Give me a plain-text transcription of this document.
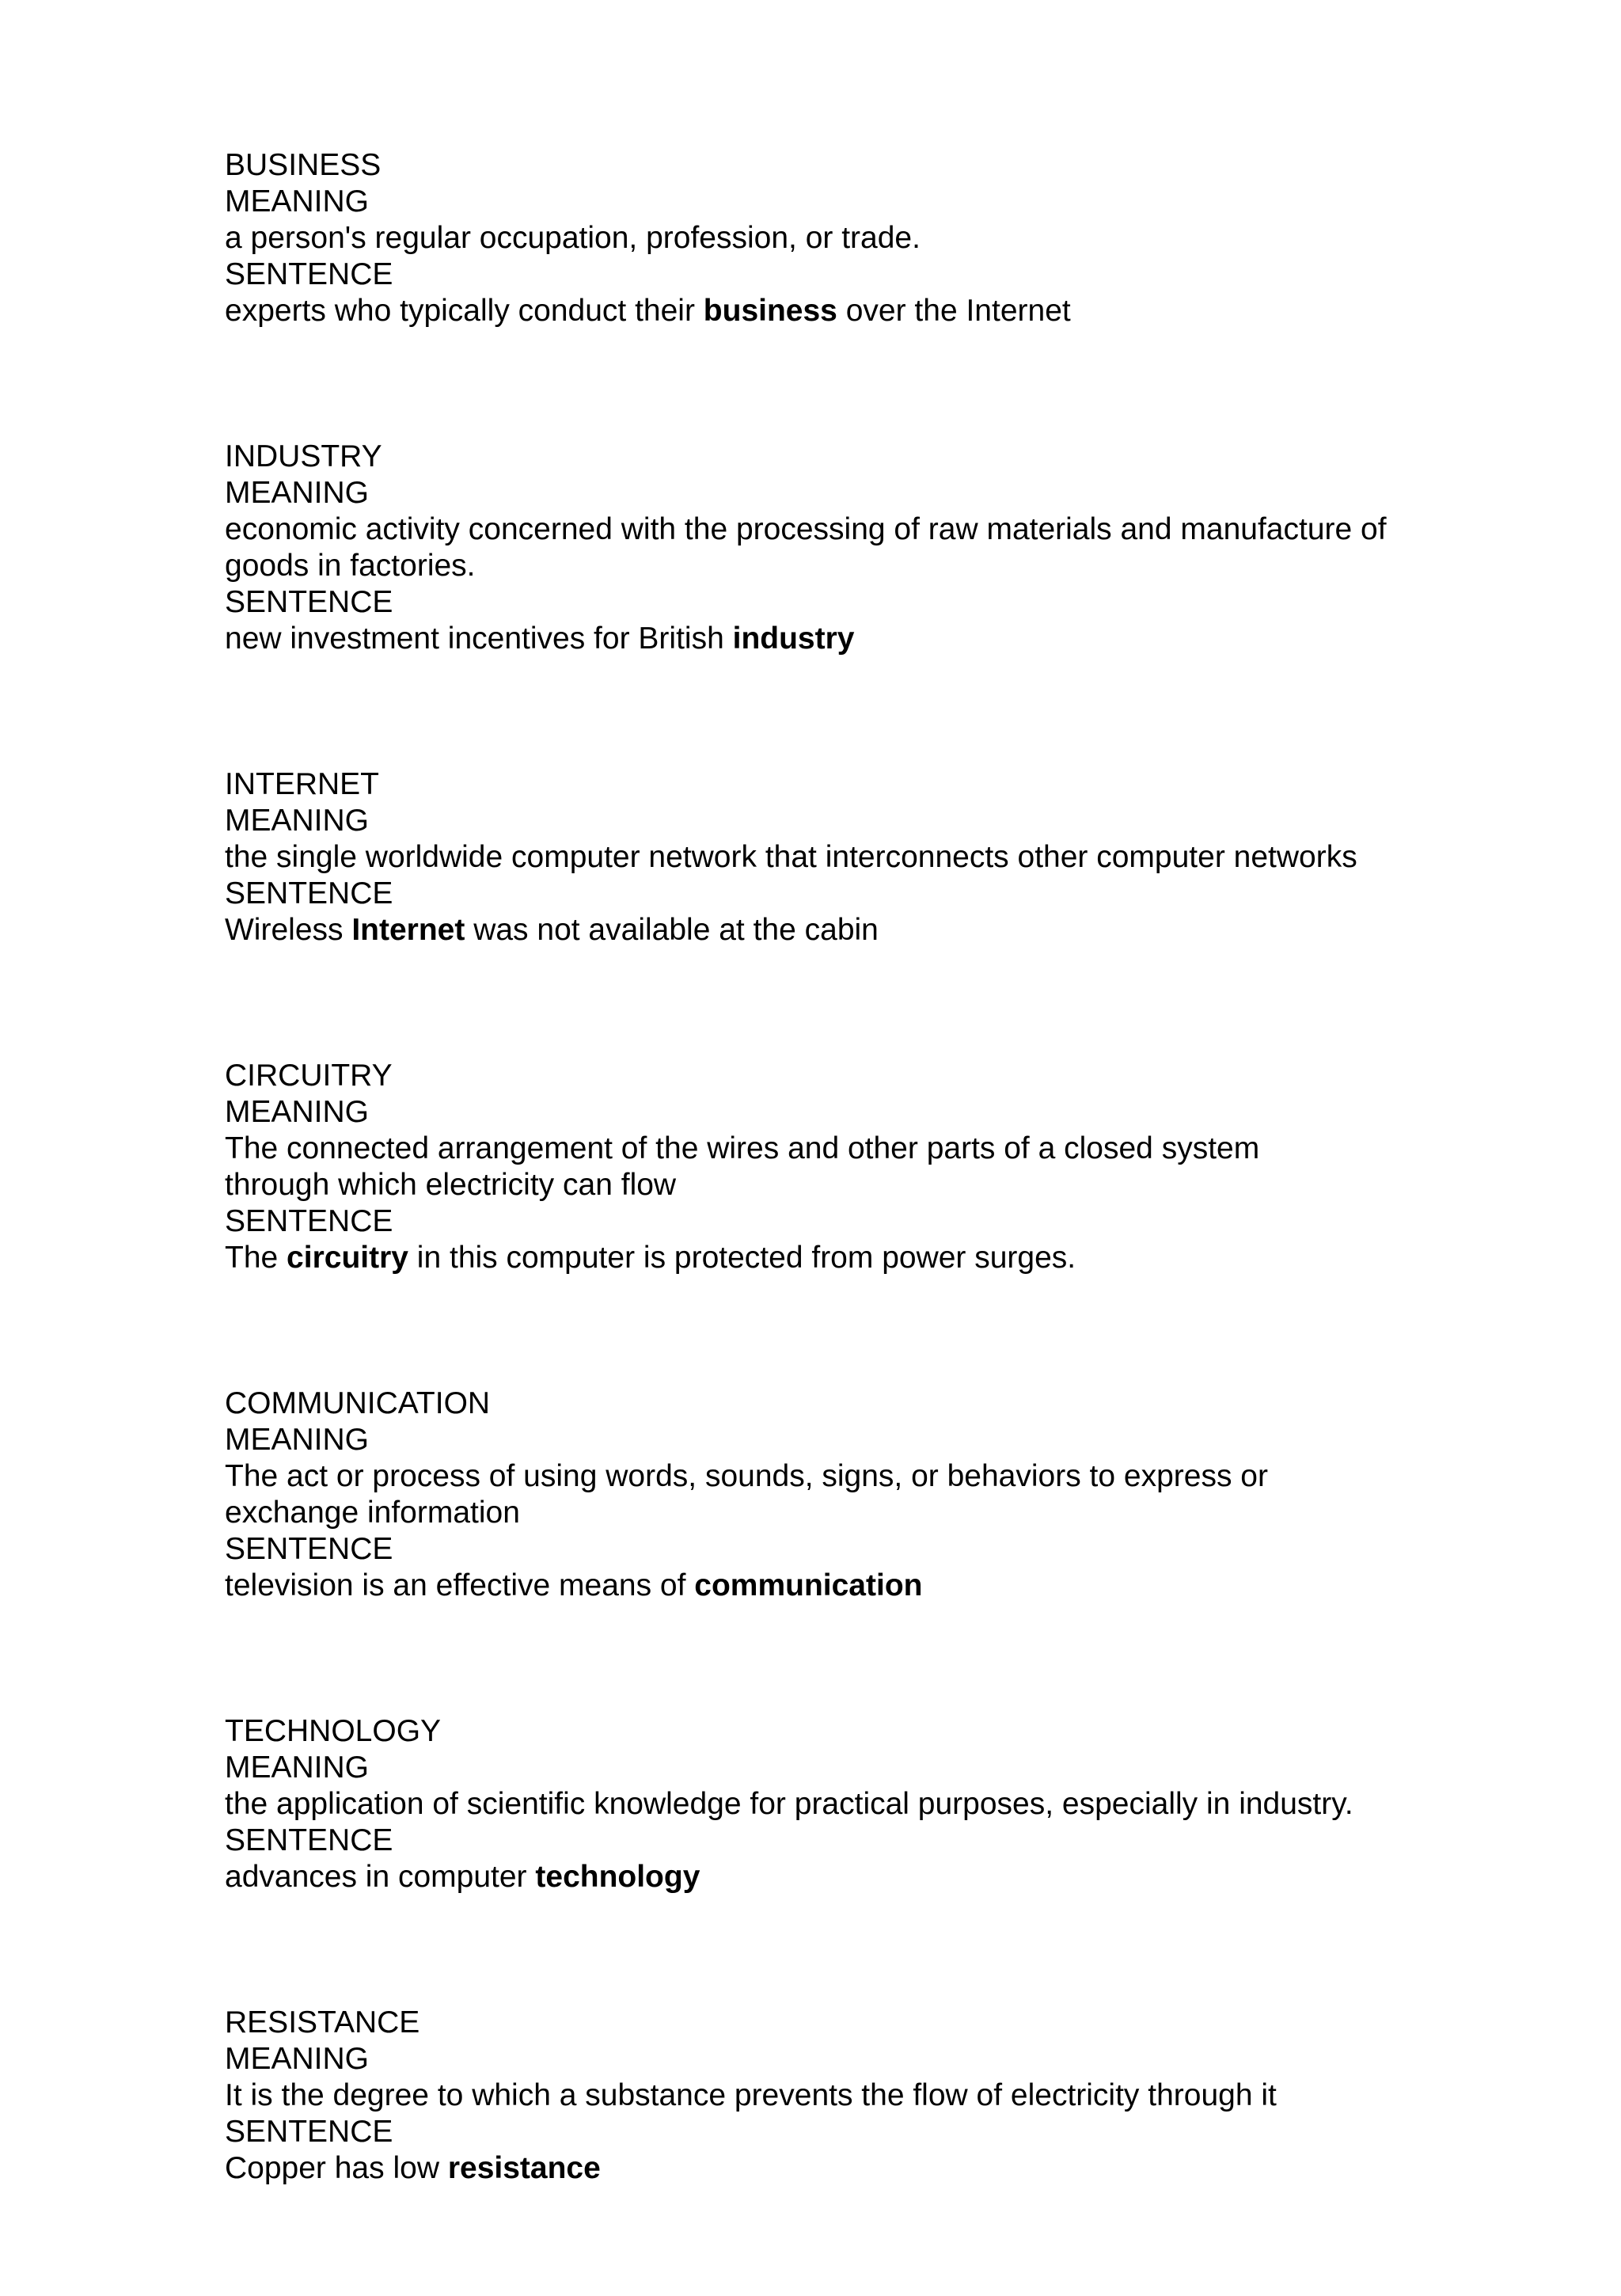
BUSINESS
MEANING
a person's regular occupation, profession, or trade.
SENTENCE
experts who typically conduct their business over the Internet
INDUSTRY
MEANING
economic activity concerned with the processing of raw materials and manufacture of goods in factories.
SENTENCE
new investment incentives for British industry
INTERNET
MEANING
the single worldwide computer network that interconnects other computer networks
SENTENCE
Wireless Internet was not available at the cabin
CIRCUITRY
MEANING
The connected arrangement of the wires and other parts of a closed system through which electricity can flow
SENTENCE
The circuitry in this computer is protected from power surges.
COMMUNICATION
MEANING
The act or process of using words, sounds, signs, or behaviors to express or exchange information
SENTENCE
television is an effective means of communication
TECHNOLOGY
MEANING
the application of scientific knowledge for practical purposes, especially in industry.
SENTENCE
advances in computer technology
RESISTANCE
MEANING
It is the degree to which a substance prevents the flow of electricity through it
SENTENCE
Copper has low resistance
